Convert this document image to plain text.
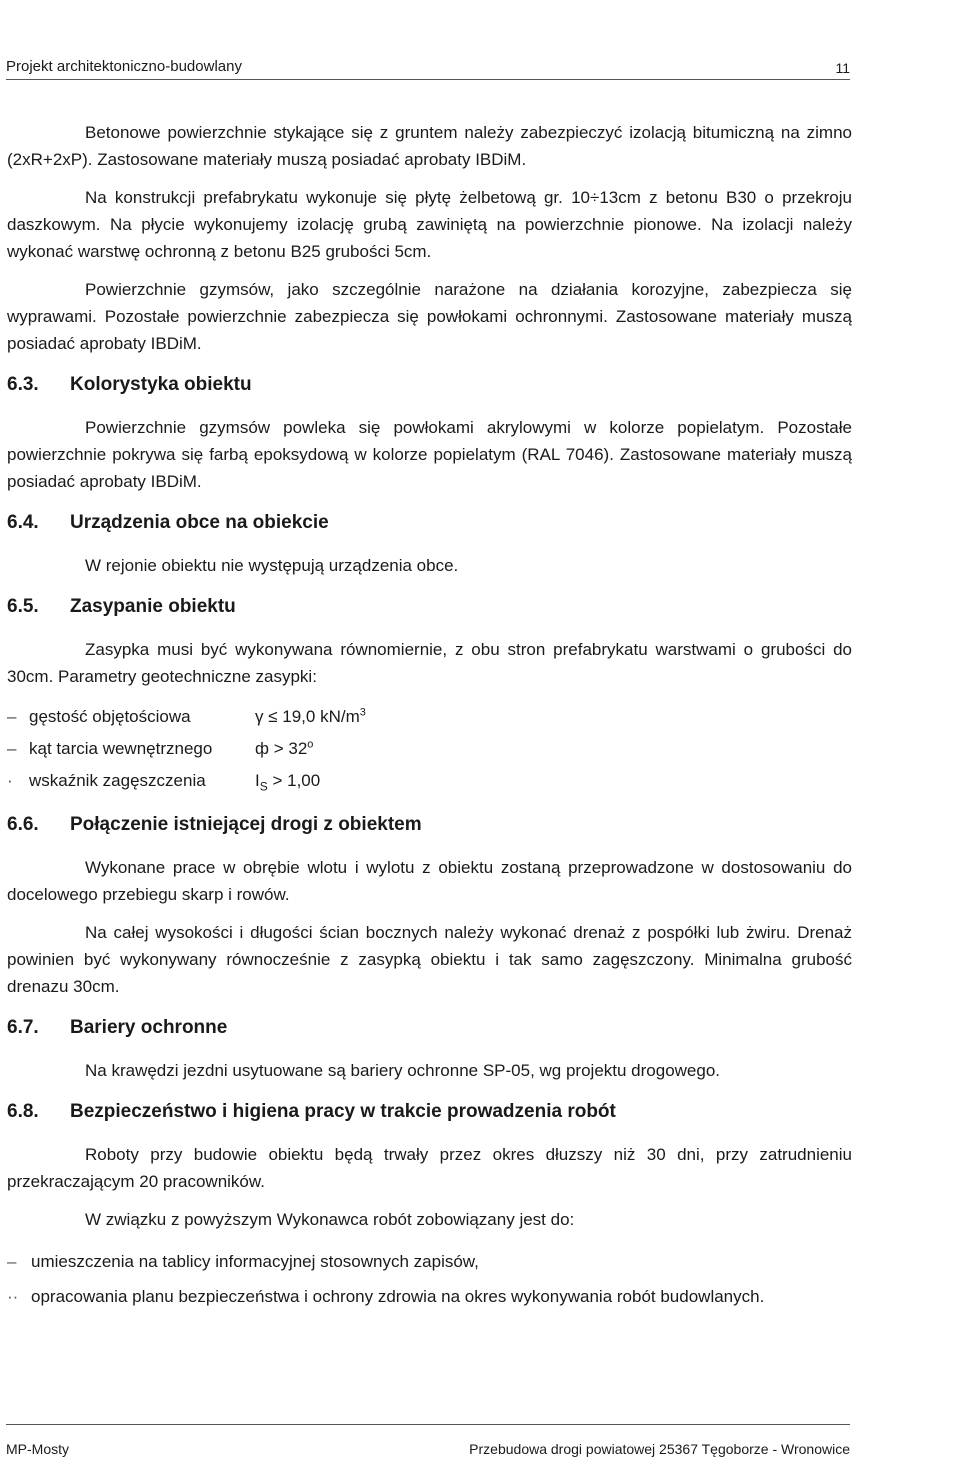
Projekt architektoniczno-budowlany	11

Betonowe powierzchnie stykające się z gruntem należy zabezpieczyć izolacją bitumiczną na zimno (2xR+2xP). Zastosowane materiały muszą posiadać aprobaty IBDiM.

Na konstrukcji prefabrykatu wykonuje się płytę żelbetową gr. 10÷13cm z betonu B30 o przekroju daszkowym. Na płycie wykonujemy izolację grubą zawiniętą na powierzchnie pionowe. Na izolacji należy wykonać warstwę ochronną z betonu B25 grubości 5cm.

Powierzchnie gzymsów, jako szczególnie narażone na działania korozyjne, zabezpiecza się wyprawami. Pozostałe powierzchnie zabezpiecza się powłokami ochronnymi. Zastosowane materiały muszą posiadać aprobaty IBDiM.

6.3.	Kolorystyka obiektu

Powierzchnie gzymsów powleka się powłokami akrylowymi w kolorze popielatym. Pozostałe powierzchnie pokrywa się farbą epoksydową w kolorze popielatym (RAL 7046). Zastosowane materiały muszą posiadać aprobaty IBDiM.

6.4.	Urządzenia obce na obiekcie

W rejonie obiektu nie występują urządzenia obce.

6.5.	Zasypanie obiektu

Zasypka musi być wykonywana równomiernie, z obu stron prefabrykatu warstwami o grubości do 30cm. Parametry geotechniczne zasypki:

– gęstość objętościowa	γ ≤ 19,0 $kN/m^3$
– kąt tarcia wewnętrznego	$ф > 32^o$
· wskaźnik zagęszczenia	$I_S > 1,00$
6.6.	Połączenie istniejącej drogi z obiektem

Wykonane prace w obrębie wlotu i wylotu z obiektu zostaną przeprowadzone w dostosowaniu do docelowego przebiegu skarp i rowów.

Na całej wysokości i długości ścian bocznych należy wykonać drenaż z pospółki lub żwiru. Drenaż powinien być wykonywany równocześnie z zasypką obiektu i tak samo zagęszczony. Minimalna grubość drenazu 30cm.

6.7.	Bariery ochronne

Na krawędzi jezdni usytuowane są bariery ochronne SP-05, wg projektu drogowego.

6.8.	Bezpieczeństwo i higiena pracy w trakcie prowadzenia robót

Roboty przy budowie obiektu będą trwały przez okres dłuzszy niż 30 dni, przy zatrudnieniu przekraczającym 20 pracowników.

W związku z powyższym Wykonawca robót zobowiązany jest do:

– umieszczenia na tablicy informacyjnej stosownych zapisów,
·· opracowania planu bezpieczeństwa i ochrony zdrowia na okres wykonywania robót budowlanych.
MP-Mosty	Przebudowa drogi powiatowej 25367 Tęgoborze - Wronowice
